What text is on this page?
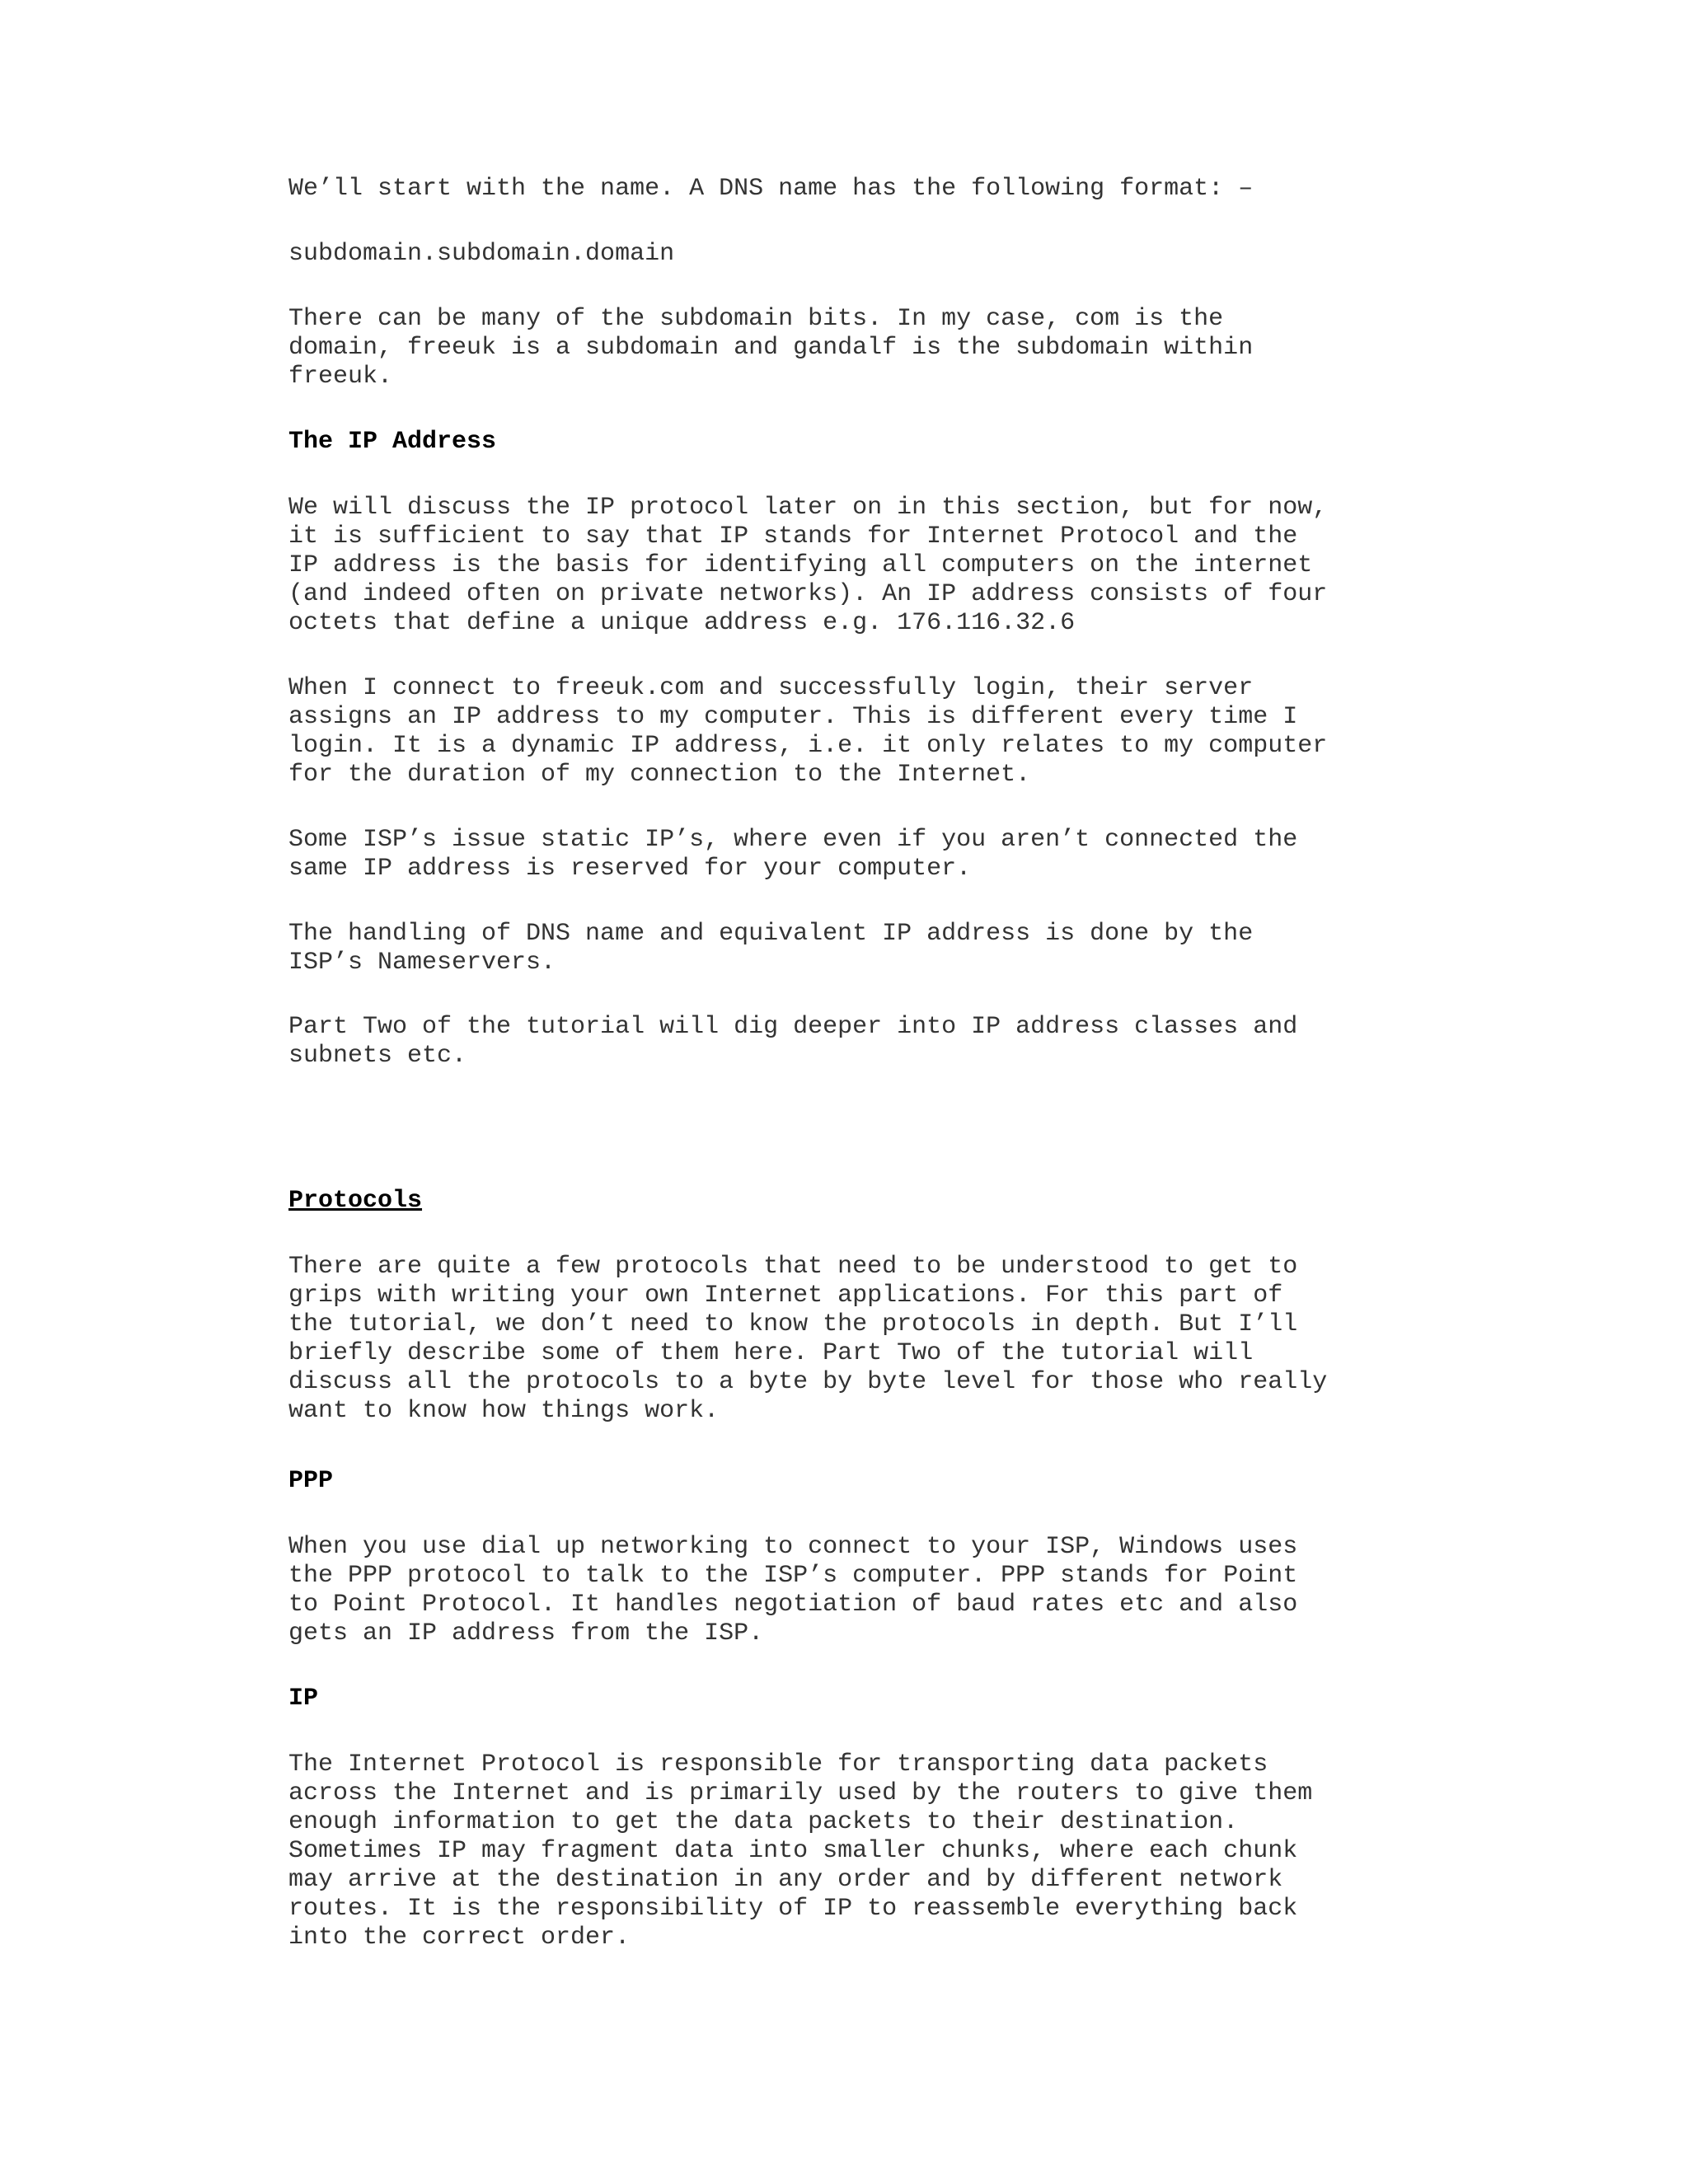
We’ll start with the name. A DNS name has the following format: –

subdomain.subdomain.domain

There can be many of the subdomain bits. In my case, com is the
domain, freeuk is a subdomain and gandalf is the subdomain within
freeuk.

The IP Address

We will discuss the IP protocol later on in this section, but for now,
it is sufficient to say that IP stands for Internet Protocol and the
IP address is the basis for identifying all computers on the internet
(and indeed often on private networks). An IP address consists of four
octets that define a unique address e.g. 176.116.32.6

When I connect to freeuk.com and successfully login, their server
assigns an IP address to my computer. This is different every time I
login. It is a dynamic IP address, i.e. it only relates to my computer
for the duration of my connection to the Internet.

Some ISP’s issue static IP’s, where even if you aren’t connected the
same IP address is reserved for your computer.

The handling of DNS name and equivalent IP address is done by the
ISP’s Nameservers.

Part Two of the tutorial will dig deeper into IP address classes and
subnets etc.

Protocols

There are quite a few protocols that need to be understood to get to
grips with writing your own Internet applications. For this part of
the tutorial, we don’t need to know the protocols in depth. But I’ll
briefly describe some of them here. Part Two of the tutorial will
discuss all the protocols to a byte by byte level for those who really
want to know how things work.

PPP

When you use dial up networking to connect to your ISP, Windows uses
the PPP protocol to talk to the ISP’s computer. PPP stands for Point
to Point Protocol. It handles negotiation of baud rates etc and also
gets an IP address from the ISP.

IP

The Internet Protocol is responsible for transporting data packets
across the Internet and is primarily used by the routers to give them
enough information to get the data packets to their destination.
Sometimes IP may fragment data into smaller chunks, where each chunk
may arrive at the destination in any order and by different network
routes. It is the responsibility of IP to reassemble everything back
into the correct order.
